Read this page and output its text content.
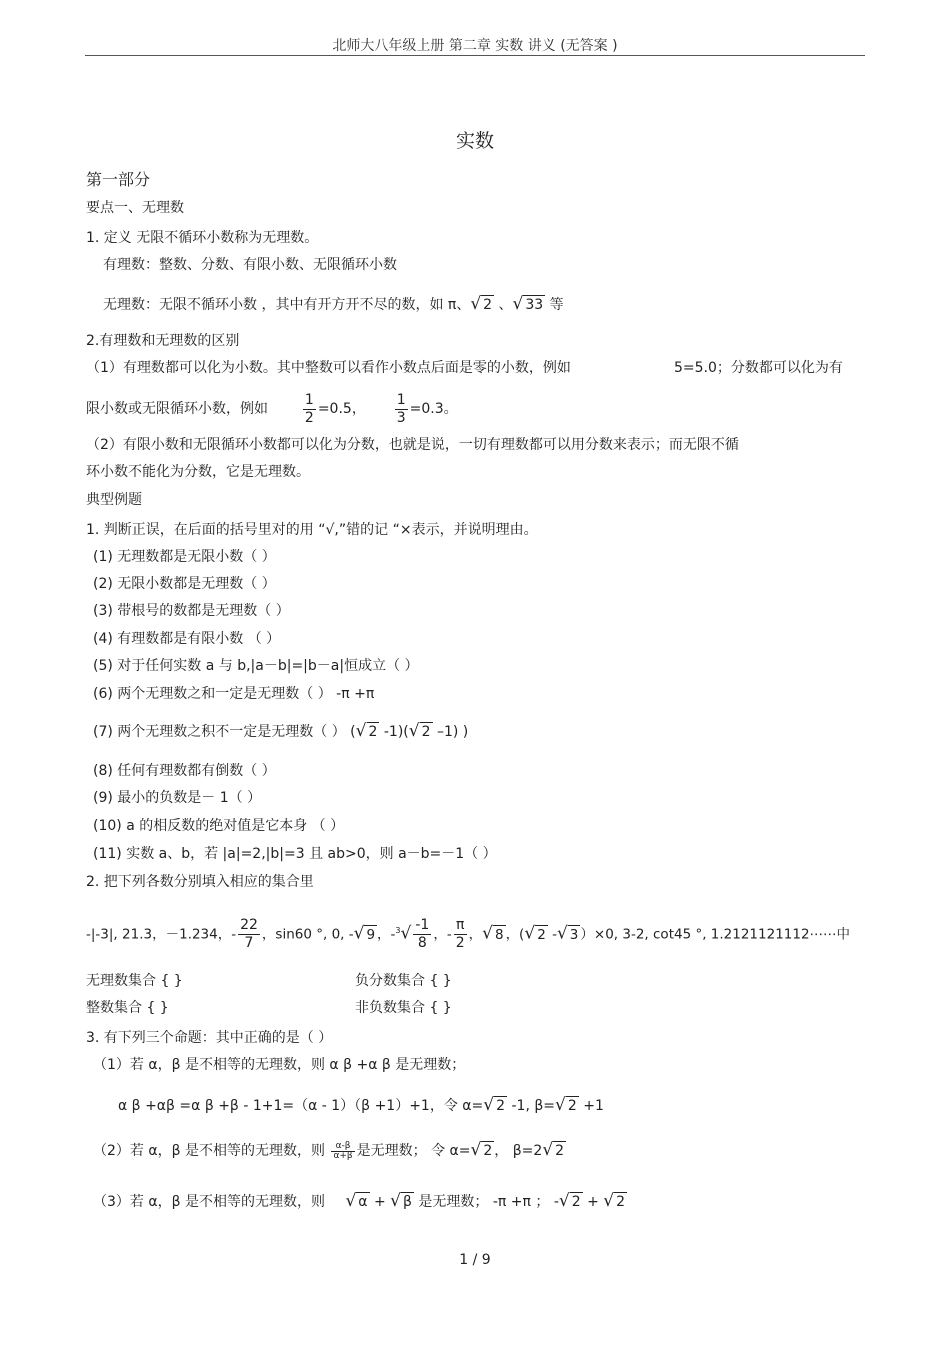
北师大八年级上册 第二章 实数 讲义 (无答案 )
实数
第一部分
要点一、无理数
1. 定义 无限不循环小数称为无理数。
有理数：整数、分数、有限小数、无限循环小数
无理数：无限不循环小数 ，其中有开方开不尽的数，如 π、√ 2 、√ 33 等
2.有理数和无理数的区别
（1）有理数都可以化为小数。其中整数可以看作小数点后面是零的小数，例如	5=5.0；分数都可以化为有
限小数或无限循环小数，例如 $\frac{1}{2} =0.5$， $\frac{1}{3} =0.3$。
（2）有限小数和无限循环小数都可以化为分数，也就是说，一切有理数都可以用分数来表示；而无限不循
环小数不能化为分数，它是无理数。
典型例题
1. 判断正误，在后面的括号里对的用 “√,”错的记 “×表示，并说明理由。
(1) 无理数都是无限小数（ ）
(2) 无限小数都是无理数（ ）
(3) 带根号的数都是无理数（ ）
(4) 有理数都是有限小数 （ ）
(5) 对于任何实数 a 与 b,|a－b|=|b－a|恒成立（ ）
(6) 两个无理数之和一定是无理数（ ） -π +π
(7) 两个无理数之积不一定是无理数（ ） (√ 2 -1)(√ 2 –1) )
(8) 任何有理数都有倒数（ ）
(9) 最小的负数是－ 1（ ）
(10) a 的相反数的绝对值是它本身 （ ）
(11) 实数 a、b，若 |a|=2,|b|=3 且 ab>0，则 a－b=－1（ ）
2. 把下列各数分别填入相应的集合里
-|-3|, 21.3，－1.234，- $\frac{22}{7}$ ，sin60 °, 0, -√ 9 ，$-^3√ \frac{-1}{8}$ ，- $\frac{\pi}{2}$ ，√ 8 ，(√ 2 -√ 3 ）×0, 3-2, cot45 °, 1.2121121112⋯⋯中
无理数集合 { }	负分数集合 { }
整数集合 { }	非负数集合 { }
3. 有下列三个命题：其中正确的是（ ）
（1）若 α，β 是不相等的无理数，则 α β +α β 是无理数；
α β +αβ =α β +β - 1+1=（α - 1）（β +1）+1，令 α=√ 2 -1, β=√ 2 +1
（2）若 α，β 是不相等的无理数，则 $\frac{\alpha-\beta}{\alpha+\beta}$ 是无理数； 令 α=√ 2 ， β=2√ 2
（3）若 α，β 是不相等的无理数，则 √ α + √ β 是无理数； -π +π ； -√ 2 + √ 2
1 / 9
